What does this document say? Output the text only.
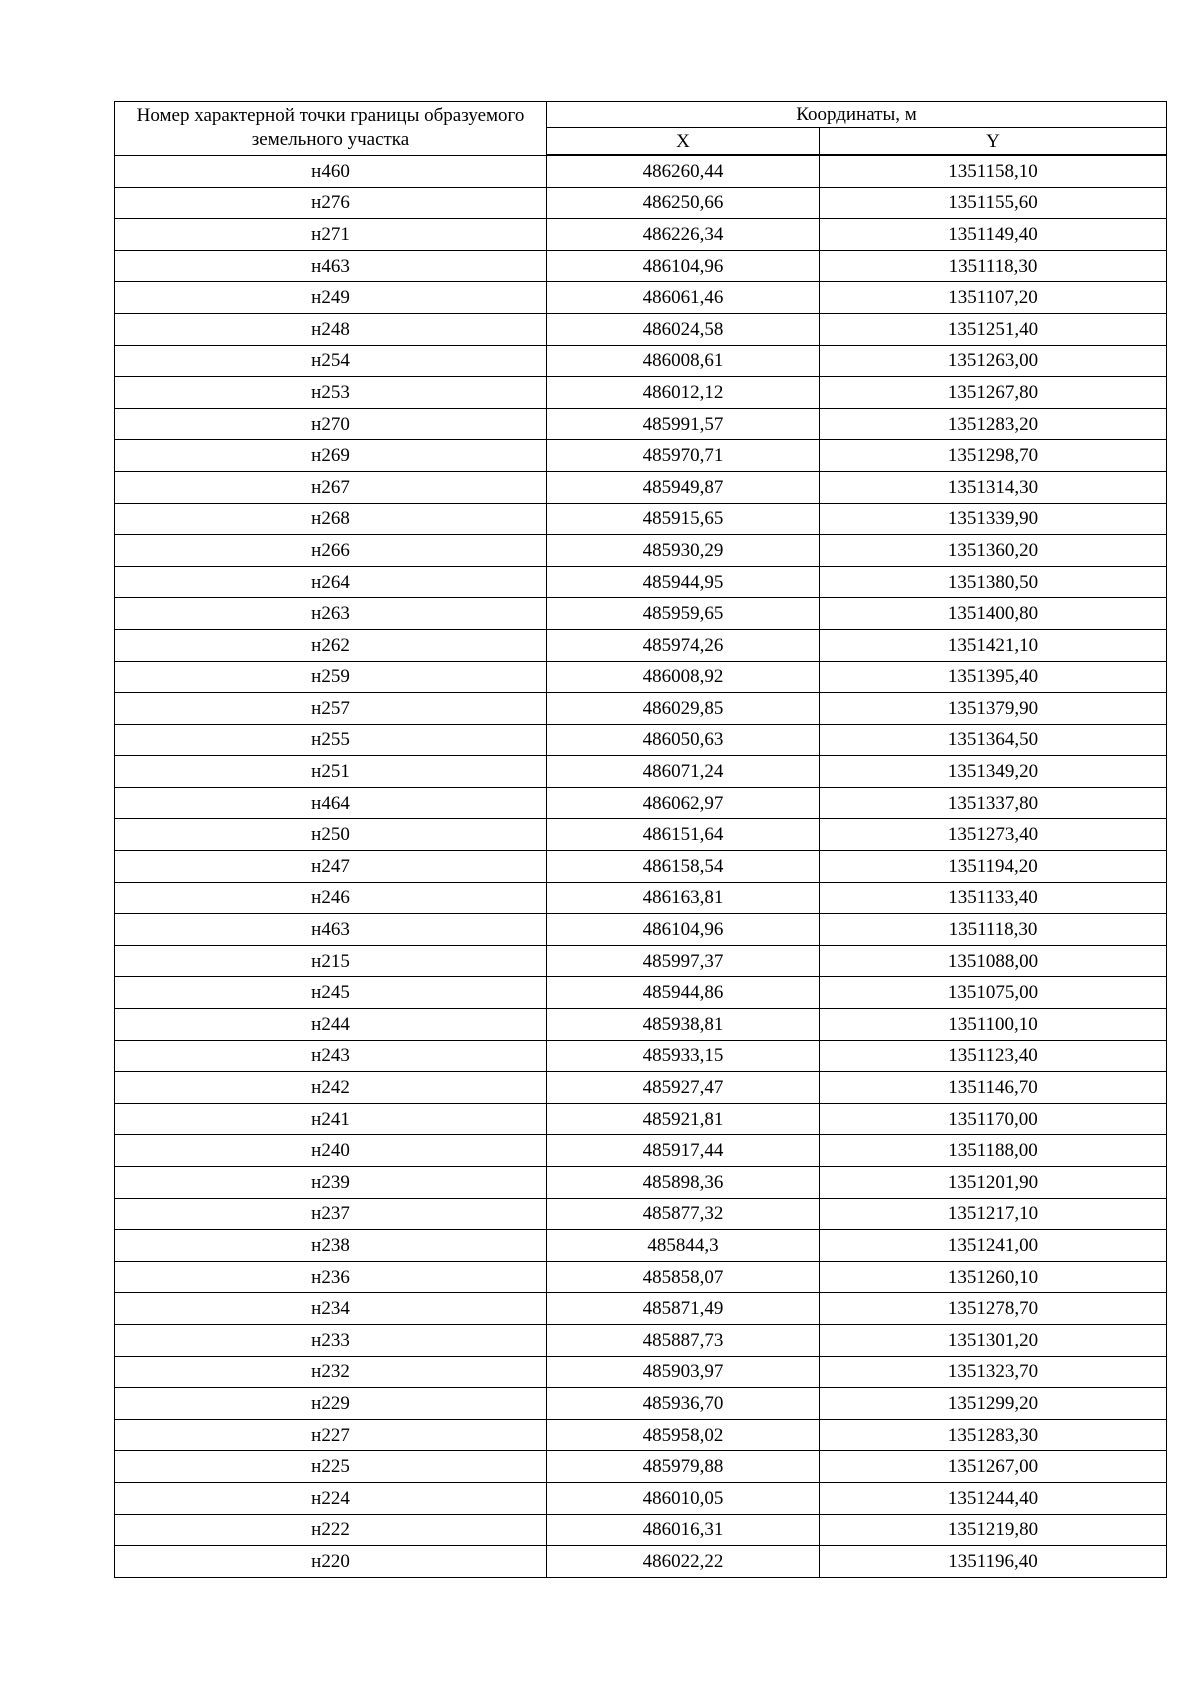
Номер характерной точки границы образуемого земельного участка	Координаты, м	
	X	Y
н460	486260,44	1351158,10
н276	486250,66	1351155,60
н271	486226,34	1351149,40
н463	486104,96	1351118,30
н249	486061,46	1351107,20
н248	486024,58	1351251,40
н254	486008,61	1351263,00
н253	486012,12	1351267,80
н270	485991,57	1351283,20
н269	485970,71	1351298,70
н267	485949,87	1351314,30
н268	485915,65	1351339,90
н266	485930,29	1351360,20
н264	485944,95	1351380,50
н263	485959,65	1351400,80
н262	485974,26	1351421,10
н259	486008,92	1351395,40
н257	486029,85	1351379,90
н255	486050,63	1351364,50
н251	486071,24	1351349,20
н464	486062,97	1351337,80
н250	486151,64	1351273,40
н247	486158,54	1351194,20
н246	486163,81	1351133,40
н463	486104,96	1351118,30
н215	485997,37	1351088,00
н245	485944,86	1351075,00
н244	485938,81	1351100,10
н243	485933,15	1351123,40
н242	485927,47	1351146,70
н241	485921,81	1351170,00
н240	485917,44	1351188,00
н239	485898,36	1351201,90
н237	485877,32	1351217,10
н238	485844,3	1351241,00
н236	485858,07	1351260,10
н234	485871,49	1351278,70
н233	485887,73	1351301,20
н232	485903,97	1351323,70
н229	485936,70	1351299,20
н227	485958,02	1351283,30
н225	485979,88	1351267,00
н224	486010,05	1351244,40
н222	486016,31	1351219,80
н220	486022,22	1351196,40
